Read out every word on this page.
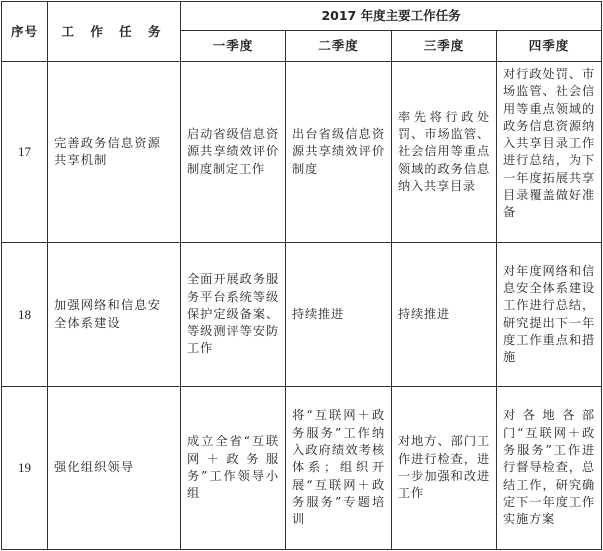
序号	工 作 任 务	2017 年度主要工作任务			
		一季度	二季度	三季度	四季度
17	完善政务信息资源共享机制	启动省级信息资源共享绩效评价制度制定工作	出台省级信息资源共享绩效评价制度	率先将行政处罚、市场监管、社会信用等重点领域的政务信息纳入共享目录	对行政处罚、市场监管、社会信用等重点领域的政务信息资源纳入共享目录工作进行总结，为下一年度拓展共享目录覆盖做好准备
18	加强网络和信息安全体系建设	全面开展政务服务平台系统等级保护定级备案、等级测评等安防工作	持续推进	持续推进	对年度网络和信息安全体系建设工作进行总结，研究提出下一年度工作重点和措施
19	强化组织领导	成立全省“互联网＋政务服务”工作领导小组	将“互联网＋政务服务”工作纳入政府绩效考核体系；组织开展“互联网＋政务服务”专题培训	对地方、部门工作进行检查，进一步加强和改进工作	对各地各部门“互联网＋政务服务”工作进行督导检查，总结工作，研究确定下一年度工作实施方案
